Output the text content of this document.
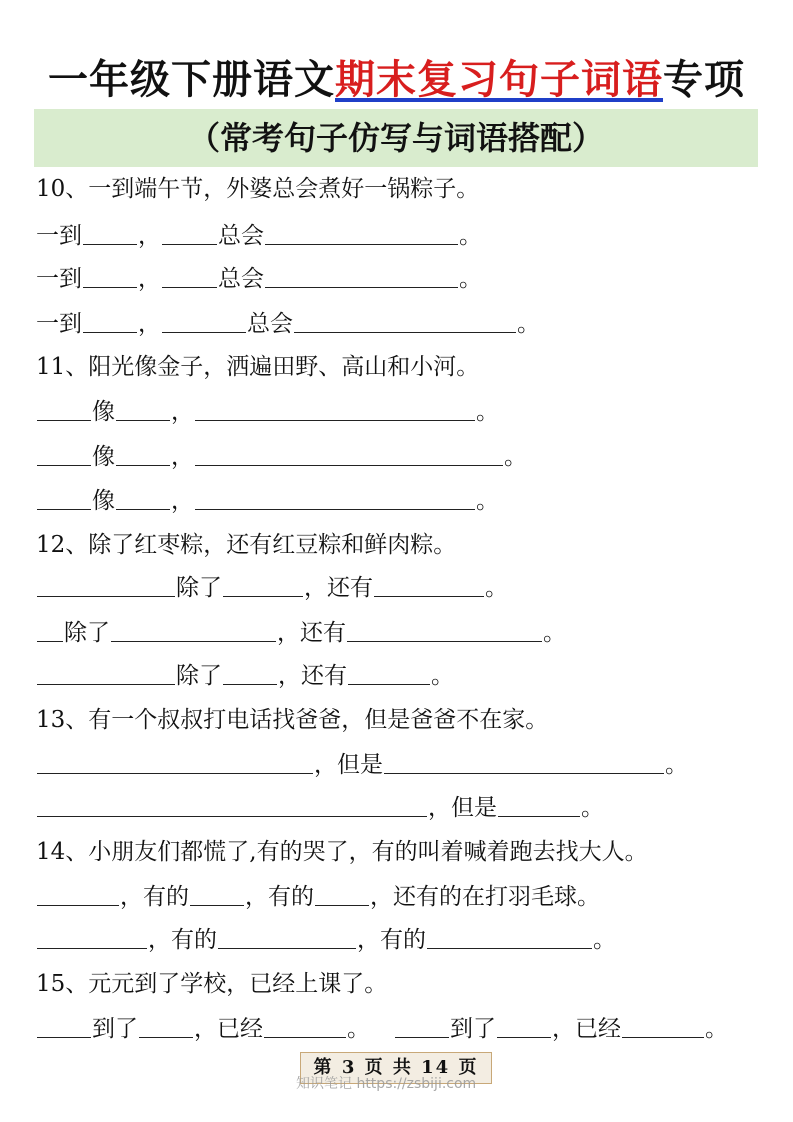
一年级下册语文期末复习句子词语专项
（常考句子仿写与词语搭配）
10、一到端午节，外婆总会煮好一锅粽子。
一到 ， 总会	。
一到 ， 总会	。
一到 ，	总会	。
11、阳光像金子，洒遍田野、高山和小河。
像 ，	。
像 ，	。
像 ，	。
12、除了红枣粽，还有红豆粽和鲜肉粽。
除了	，还有	。
除了	，还有	。
除了 ，还有	。
13、有一个叔叔打电话找爸爸，但是爸爸不在家。
，但是	。
，但是	。
14、小朋友们都慌了,有的哭了，有的叫着喊着跑去找大人。
，有的 ，有的 ，还有的在打羽毛球。
，有的	，有的	。
15、元元到了学校，已经上课了。
到了 ，已经	。	到了 ，已经	。
第 3 页 共 14 页
知识笔记 https://zsbiji.com
